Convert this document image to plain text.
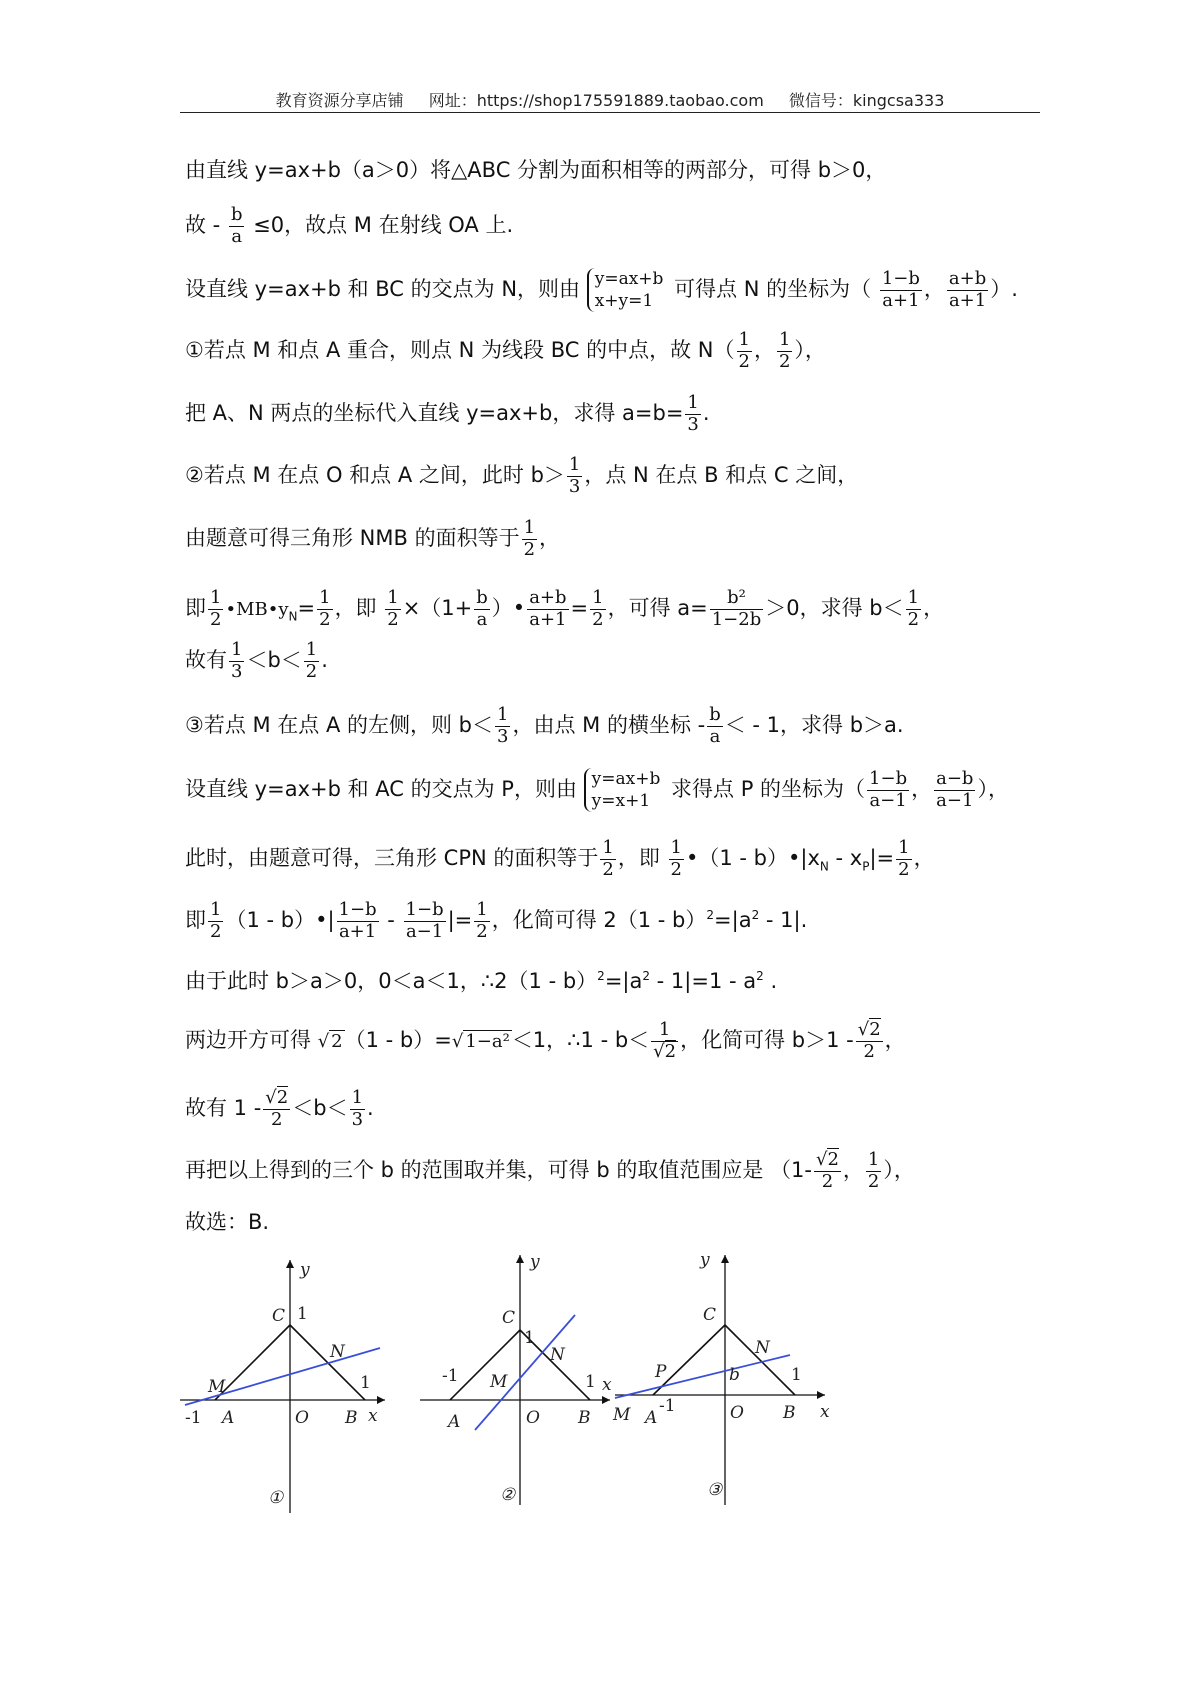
教育资源分享店铺 网址：https://shop175591889.taobao.com 微信号：kingcsa333
由直线 y=ax+b（a＞0）将△ABC 分割为面积相等的两部分，可得 b＞0，
故 - $\frac{b}{a} \le 0$，故点 M 在射线 OA 上.
设直线 y=ax+b 和 BC 的交点为 N，则由 y=ax+b
x+y=1 可得点 N 的坐标为（ $\frac{1-b}{a+1}$ ， $\frac{a+b}{a+1}$ ）.
①若点 M 和点 A 重合，则点 N 为线段 BC 的中点，故 $N( \frac{1}{2}$ ， $\frac{1}{2}$ ），
把 A、N 两点的坐标代入直线 y=ax+b，求得 $a=b= \frac{1}{3}$ .
②若点 M 在点 O 和点 A 之间，此时 $b> \frac{1}{3}$ ，点 N 在点 B 和点 C 之间，
由题意可得三角形 NMB 的面积等于 $\frac{1}{2}$ ，
即 $\frac{1}{2}$ $•MB•y_N= \frac{1}{2}$ ，即 $\frac{1}{2} \times(1+ \frac{b}{a}$ ）• $\frac{a+b}{a+1} = \frac{1}{2}$ ，可得 $a= \frac{\text{b²}}{1-2b} >0$，求得 $b< \frac{1}{2}$ ，
故有 $\frac{1}{3} <b< \frac{1}{2}$ .
③若点 M 在点 A 的左侧，则 $b< \frac{1}{3}$ ，由点 M 的横坐标 - $\frac{b}{a}$ ＜ - 1，求得 b＞a.
设直线 y=ax+b 和 AC 的交点为 P，则由 y=ax+b
y=x+1 求得点 P 的坐标为（ $\frac{1-b}{a-1}$ ， $\frac{a-b}{a-1}$ ），
此时，由题意可得，三角形 CPN 的面积等于 $\frac{1}{2}$ ，即 $\frac{1}{2}$ •（1 - $b)•|x_N - x_P|= \frac{1}{2}$ ，
即 $\frac{1}{2} (1$ - b）•| $\frac{1-b}{a+1} - \frac{1-b}{a-1}$ |= $\frac{1}{2}$ ，化简可得 $2(1 - b)^2=|a^2 - 1|$.
由于此时 b＞a＞0，0＜a＜1，∴2（1 - $b)^2=|a^2 - 1|=1 - a^2$ .
两边开方可得 √ 2（1 - b）=√ 1−a²＜1，∴1 - $b< \frac{1}{√2}$ ，化简可得 $b>1 - \frac{√2}{2}$ ，
故有 $1 - \frac{√2}{2} <b< \frac{1}{3}$ .
再把以上得到的三个 b 的范围取并集，可得 b 的取值范围应是 （$1- \frac{√2}{2}$ ， $\frac{1}{2}$ ），
故选：B.
y
x
C 1
N
1
M
-1 A	O B
①
y
x
C
1
N
1
M
-1
A	O B
②
y
x
C
N
1
P	b
M A
-1	O B
③
